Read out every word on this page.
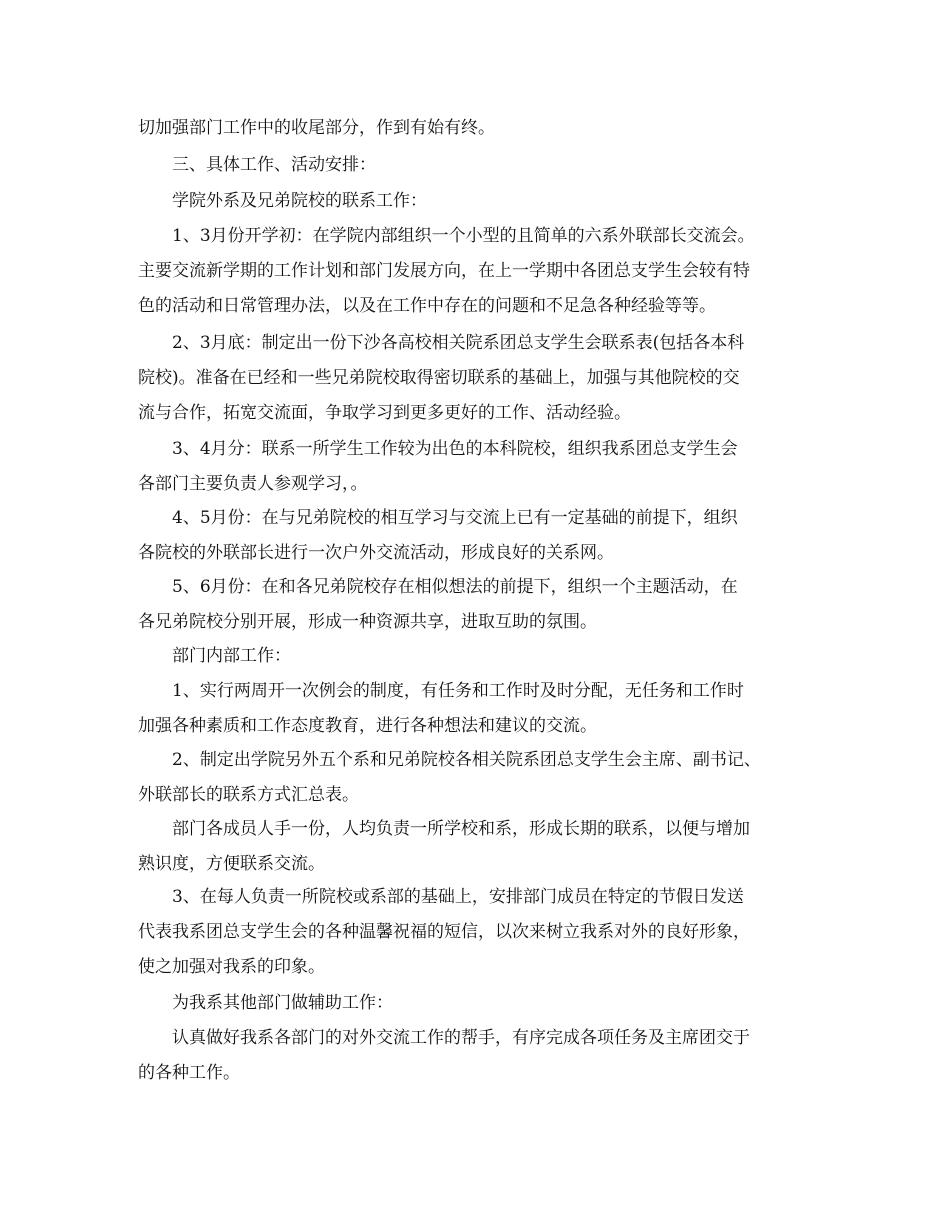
切加强部门工作中的收尾部分，作到有始有终。
三、具体工作、活动安排：
学院外系及兄弟院校的联系工作：
1、3月份开学初：在学院内部组织一个小型的且简单的六系外联部长交流会。
主要交流新学期的工作计划和部门发展方向，在上一学期中各团总支学生会较有特
色的活动和日常管理办法，以及在工作中存在的问题和不足急各种经验等等。
2、3月底：制定出一份下沙各高校相关院系团总支学生会联系表(包括各本科
院校)。准备在已经和一些兄弟院校取得密切联系的基础上，加强与其他院校的交
流与合作，拓宽交流面，争取学习到更多更好的工作、活动经验。
3、4月分：联系一所学生工作较为出色的本科院校，组织我系团总支学生会
各部门主要负责人参观学习，。
4、5月份：在与兄弟院校的相互学习与交流上已有一定基础的前提下，组织
各院校的外联部长进行一次户外交流活动，形成良好的关系网。
5、6月份：在和各兄弟院校存在相似想法的前提下，组织一个主题活动，在
各兄弟院校分别开展，形成一种资源共享，进取互助的氛围。
部门内部工作：
1、实行两周开一次例会的制度，有任务和工作时及时分配，无任务和工作时
加强各种素质和工作态度教育，进行各种想法和建议的交流。
2、制定出学院另外五个系和兄弟院校各相关院系团总支学生会主席、副书记、
外联部长的联系方式汇总表。
部门各成员人手一份，人均负责一所学校和系，形成长期的联系，以便与增加
熟识度，方便联系交流。
3、在每人负责一所院校或系部的基础上，安排部门成员在特定的节假日发送
代表我系团总支学生会的各种温馨祝福的短信，以次来树立我系对外的良好形象，
使之加强对我系的印象。
为我系其他部门做辅助工作：
认真做好我系各部门的对外交流工作的帮手，有序完成各项任务及主席团交于
的各种工作。
